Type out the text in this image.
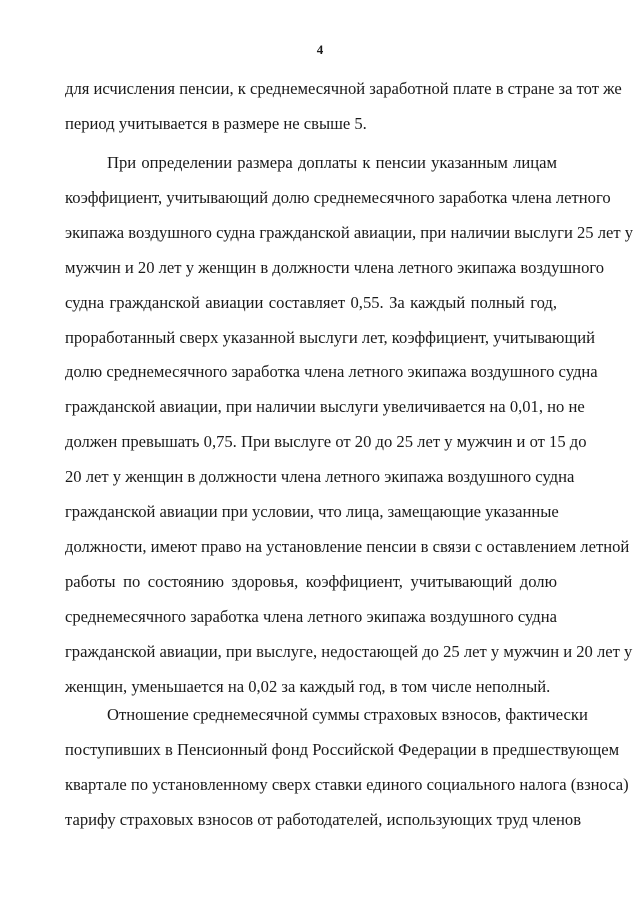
4
для исчисления пенсии, к среднемесячной заработной плате в стране за тот же
период учитывается в размере не свыше 5.
При определении размера доплаты к пенсии указанным лицам
коэффициент, учитывающий долю среднемесячного заработка члена летного
экипажа воздушного судна гражданской авиации, при наличии выслуги 25 лет у
мужчин и 20 лет у женщин в должности члена летного экипажа воздушного
судна гражданской авиации составляет 0,55. За каждый полный год,
проработанный сверх указанной выслуги лет, коэффициент, учитывающий
долю среднемесячного заработка члена летного экипажа воздушного судна
гражданской авиации, при наличии выслуги увеличивается на 0,01, но не
должен превышать 0,75. При выслуге от 20 до 25 лет у мужчин и от 15 до
20 лет у женщин в должности члена летного экипажа воздушного судна
гражданской авиации при условии, что лица, замещающие указанные
должности, имеют право на установление пенсии в связи с оставлением летной
работы по состоянию здоровья, коэффициент, учитывающий долю
среднемесячного заработка члена летного экипажа воздушного судна
гражданской авиации, при выслуге, недостающей до 25 лет у мужчин и 20 лет у
женщин, уменьшается на 0,02 за каждый год, в том числе неполный.
Отношение среднемесячной суммы страховых взносов, фактически
поступивших в Пенсионный фонд Российской Федерации в предшествующем
квартале по установленному сверх ставки единого социального налога (взноса)
тарифу страховых взносов от работодателей, использующих труд членов
